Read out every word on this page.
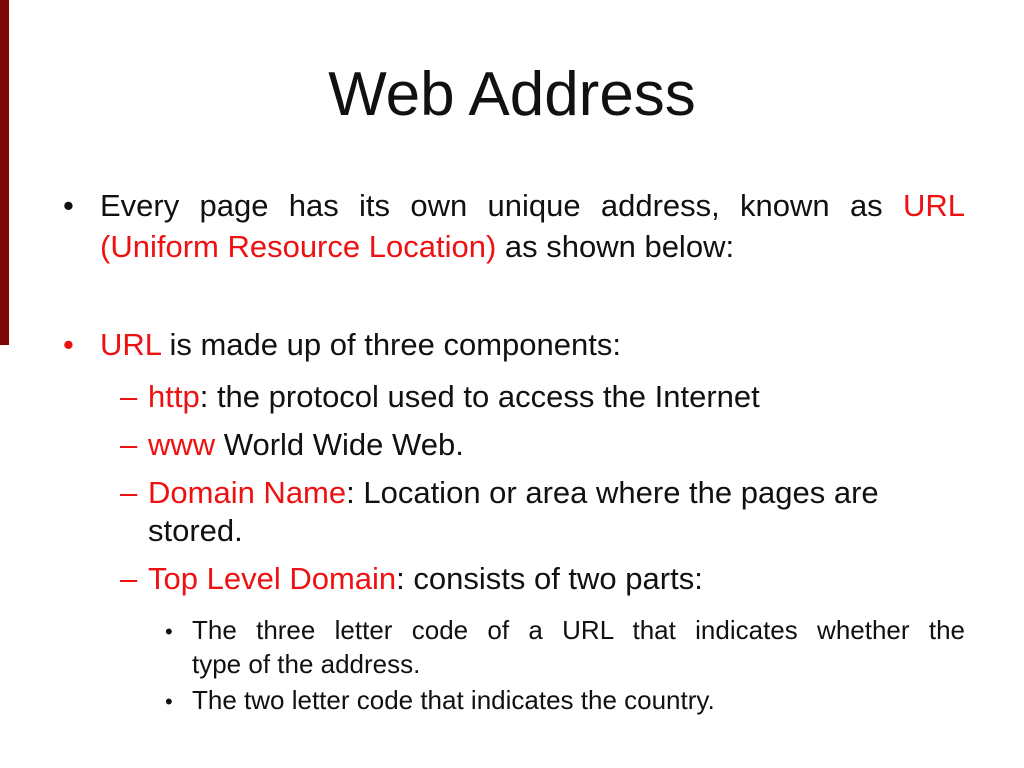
Web Address
• Every page has its own unique address, known as URL
(Uniform Resource Location) as shown below:
• URL is made up of three components:
– http: the protocol used to access the Internet
– www World Wide Web.
– Domain Name: Location or area where the pages are
stored.
– Top Level Domain: consists of two parts:
• The three letter code of a URL that indicates whether the
type of the address.
• The two letter code that indicates the country.
